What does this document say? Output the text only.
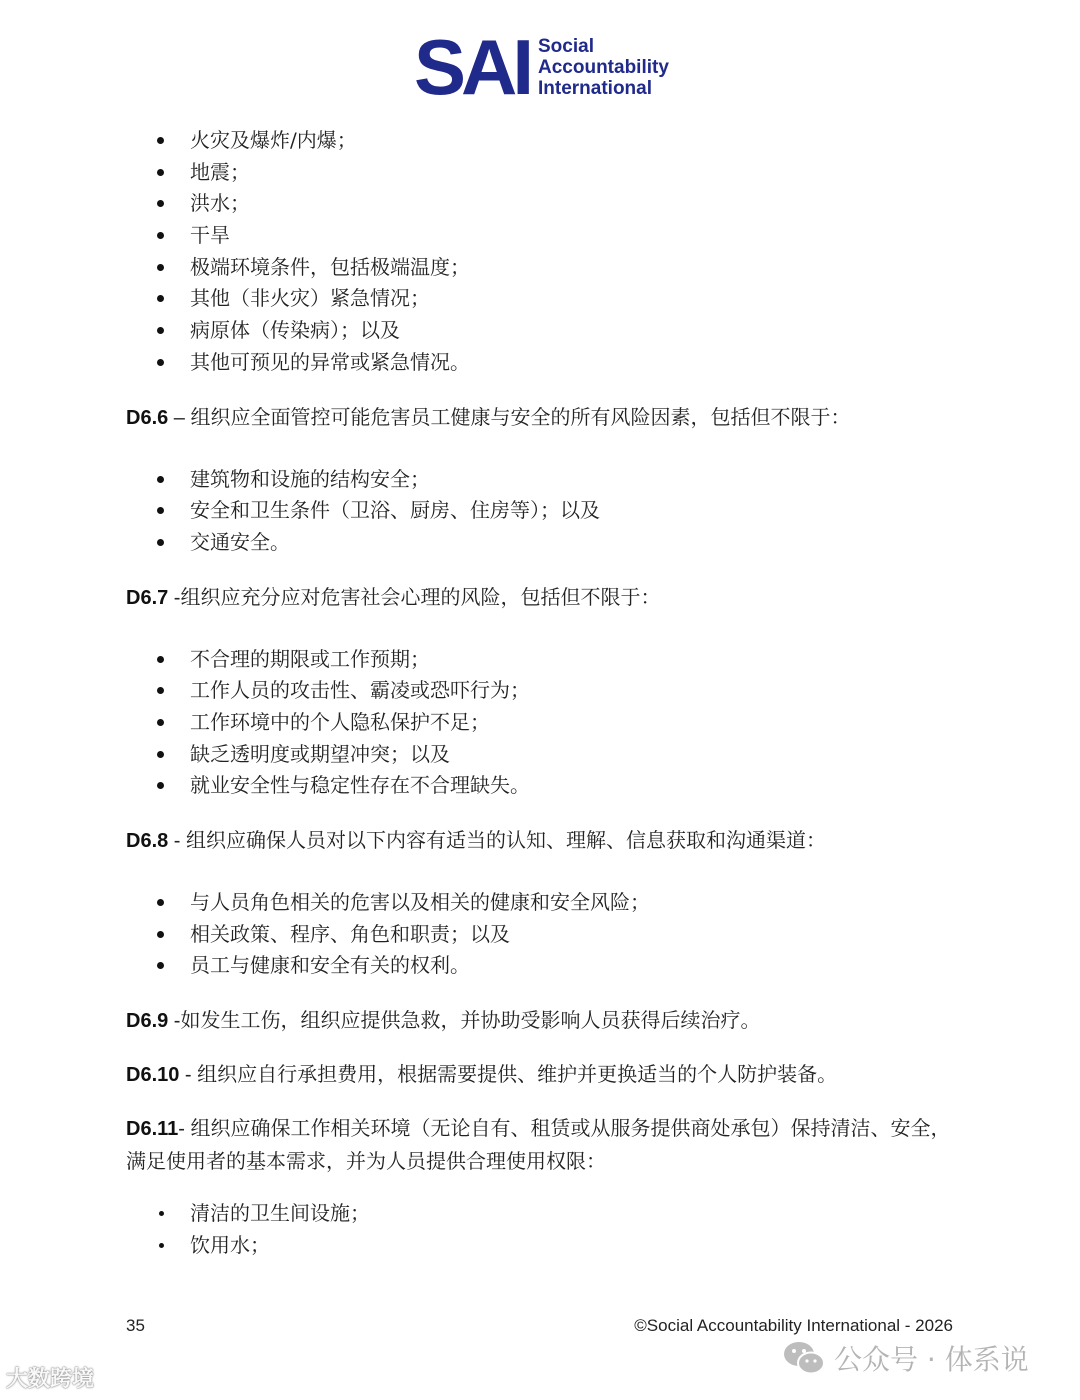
SAI Social
Accountability
International
火灾及爆炸/内爆；
地震；
洪水；
干旱
极端环境条件，包括极端温度；
其他（非火灾）紧急情况；
病原体（传染病）；以及
其他可预见的异常或紧急情况。

D6.6 – 组织应全面管控可能危害员工健康与安全的所有风险因素，包括但不限于：

建筑物和设施的结构安全；
安全和卫生条件（卫浴、厨房、住房等）；以及
交通安全。

D6.7 -组织应充分应对危害社会心理的风险，包括但不限于：

不合理的期限或工作预期；
工作人员的攻击性、霸凌或恐吓行为；
工作环境中的个人隐私保护不足；
缺乏透明度或期望冲突；以及
就业安全性与稳定性存在不合理缺失。

D6.8 - 组织应确保人员对以下内容有适当的认知、理解、信息获取和沟通渠道：

与人员角色相关的危害以及相关的健康和安全风险；
相关政策、程序、角色和职责；以及
员工与健康和安全有关的权利。

D6.9 -如发生工伤，组织应提供急救，并协助受影响人员获得后续治疗。

D6.10 - 组织应自行承担费用，根据需要提供、维护并更换适当的个人防护装备。

D6.11- 组织应确保工作相关环境（无论自有、租赁或从服务提供商处承包）保持清洁、安全，满足使用者的基本需求，并为人员提供合理使用权限：

清洁的卫生间设施；
饮用水；
35	©Social Accountability International - 2026
大数跨境
公众号 · 体系说
